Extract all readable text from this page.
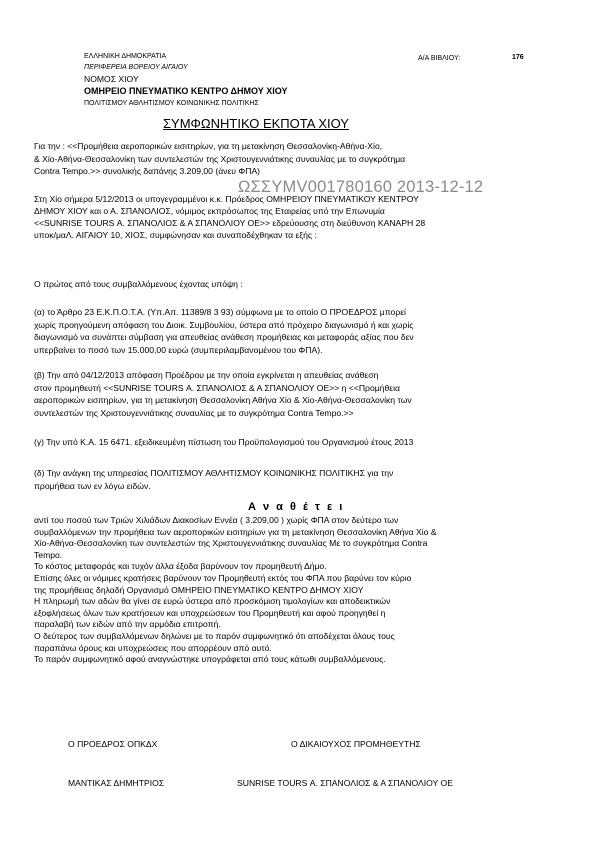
ΕΛΛΗΝΙΚΗ ΔΗΜΟΚΡΑΤΙΑ
ΠΕΡΙΦΕΡΕΙΑ ΒΟΡΕΙΟΥ ΑΙΓΑΙΟΥ
ΝΟΜΟΣ ΧΙΟΥ
ΟΜΗΡΕΙΟ ΠΝΕΥΜΑΤΙΚΟ ΚΕΝΤΡΟ ΔΗΜΟΥ ΧΙΟΥ
ΠΟΛΙΤΙΣΜΟΥ ΑΘΛΗΤΙΣΜΟΥ ΚΟΙΝΩΝΙΚΗΣ ΠΟΛΙΤΙΚΗΣ
Α/Α ΒΙΒΛΙΟΥ:	176
ΣΥΜΦΩΝΗΤΙΚΟ ΕΚΠΟΤΑ ΧΙΟΥ
ΩΣΣΥΜV001780160 2013-12-12
Για την : <<Προμήθεια αεροπορικών εισιτηρίων, για τη μετακίνηση Θεσσαλονίκη-Αθήνα-Χίο,
& Χίο-Αθήνα-Θεσσαλονίκη των συντελεστών της Χριστουγεννιάτικης συναυλίας με το συγκρότημα
Contra Tempo.>> συνολικής δαπάνης 3.209,00 (άνευ ΦΠΑ)
Στη Χίο σήμερα 5/12/2013 οι υπογεγραμμένοι κ.κ. Πρόεδρος ΟΜΗΡΕΙΟΥ ΠΝΕΥΜΑΤΙΚΟΥ ΚΕΝΤΡΟΥ
ΔΗΜΟΥ ΧΙΟΥ και ο Α. ΣΠΑΝΟΛΙΟΣ, νόμιμος εκπρόσωπος της Εταιρείας υπό την Επωνυμία
<<SUNRISE TOURS Α. ΣΠΑΝΟΛΙΟΣ & Α ΣΠΑΝΟΛΙΟΥ ΟΕ>> εδρεύουσης στη διεύθυνση ΚΑΝΑΡΗ 28
υποκ/μαΛ. ΑΙΓΑΙΟΥ 10, ΧΙΟΣ, συμφώνησαν και συναποδέχθηκαν τα εξής :
Ο πρώτος από τους συμβαλλόμενους έχοντας υπόψη :
(α) το Άρθρο 23 Ε.Κ.Π.Ο.Τ.Α. (Υπ.Απ. 11389/8 3 93) σύμφωνα με το οποίο Ο ΠΡΟΕΔΡΟΣ μπορεί
χωρίς προηγούμενη απόφαση του Διοικ. Συμβουλίου, ύστερα από πρόχειρο διαγωνισμό ή και χωρίς
διαγωνισμό να συνάπτει σύμβαση για απευθείας ανάθεση προμήθειας και μεταφοράς αξίας που δεν
υπερβαίνει το ποσό των 15.000,00 ευρώ (συμπεριλαμβανομένου του ΦΠΑ).
(β) Την από 04/12/2013 απόφαση Προέδρου με την οποία εγκρίνεται η απευθείας ανάθεση
στον προμηθευτή <<SUNRISE TOURS Α. ΣΠΑΝΟΛΙΟΣ & Α ΣΠΑΝΟΛΙΟΥ ΟΕ>> η <<Προμήθεια
αεροπορικών εισιτηρίων, για τη μετακίνηση Θεσσαλονίκη Αθήνα Χίο & Χίο-Αθήνα-Θεσσαλονίκη των
συντελεστών της Χριστουγεννιάτικης συναυλίας με το συγκρότημα Contra Tempo.>>
(γ) Την υπό Κ.Α. 15 6471. εξειδικευμένη πίστωση του Προϋπολογισμού του Οργανισμού έτους 2013
(δ) Την ανάγκη της υπηρεσίας ΠΟΛΙΤΙΣΜΟΥ ΑΘΛΗΤΙΣΜΟΥ ΚΟΙΝΩΝΙΚΗΣ ΠΟΛΙΤΙΚΗΣ για την
προμήθεια των εν λόγω ειδών.
Α ν α θ έ τ ε ι
αντί του ποσού των Τριών Χιλιάδων Διακοσίων Εννέα ( 3.209,00 ) χωρίς ΦΠΑ στον δεύτερο των
συμβαλλόμενων την προμήθεια των αεροπορικών εισιτηρίων για τη μετακίνηση Θεσσαλονίκη Αθήνα Χίο &
Χίο-Αθήνα-Θεσσαλονίκη των συντελεστών της Χριστουγεννιάτικης συναυλίας Με το συγκρότημα Contra
Tempo.
Το κόστος μεταφοράς και τυχόν άλλα έξοδα βαρύνουν τον προμηθευτή Δήμο.
Επίσης όλες οι νόμιμες κρατήσεις βαρύνουν τον Προμηθευτή εκτός του ΦΠΑ που βαρύνει τον κύριο
της προμήθειας δηλαδή Οργανισμό ΟΜΗΡΕΙΟ ΠΝΕΥΜΑΤΙΚΟ ΚΕΝΤΡΟ ΔΗΜΟΥ ΧΙΟΥ
Η πληρωμή των αδών θα γίνει σε ευρώ ύστερα από προσκόμιση τιμολογίων και αποδεικτικών
εξοφλήσεως όλων των κρατήσεων και υποχρεώσεων του Προμηθευτή και αφού προηγηθεί η
παραλαβή των ειδών από την αρμόδια επιτροπή.
Ο δεύτερος των συμβαλλόμενων δηλώνει με το παρόν συμφωνητικό ότι αποδέχεται όλους τους
παραπάνω όρους και υποχρεώσεις που απορρέουν από αυτό.
Το παρόν συμφωνητικό αφού αναγνώστηκε υπογράφεται από τους κάτωθι συμβαλλόμενους.
Ο ΠΡΟΕΔΡΟΣ ΟΠΚΔΧ	Ο ΔΙΚΑΙΟΥΧΟΣ ΠΡΟΜΗΘΕΥΤΗΣ
ΜΑΝΤΙΚΑΣ ΔΗΜΗΤΡΙΟΣ	SUNRISE TOURS Α. ΣΠΑΝΟΛΙΟΣ & Α ΣΠΑΝΟΛΙΟΥ ΟΕ
